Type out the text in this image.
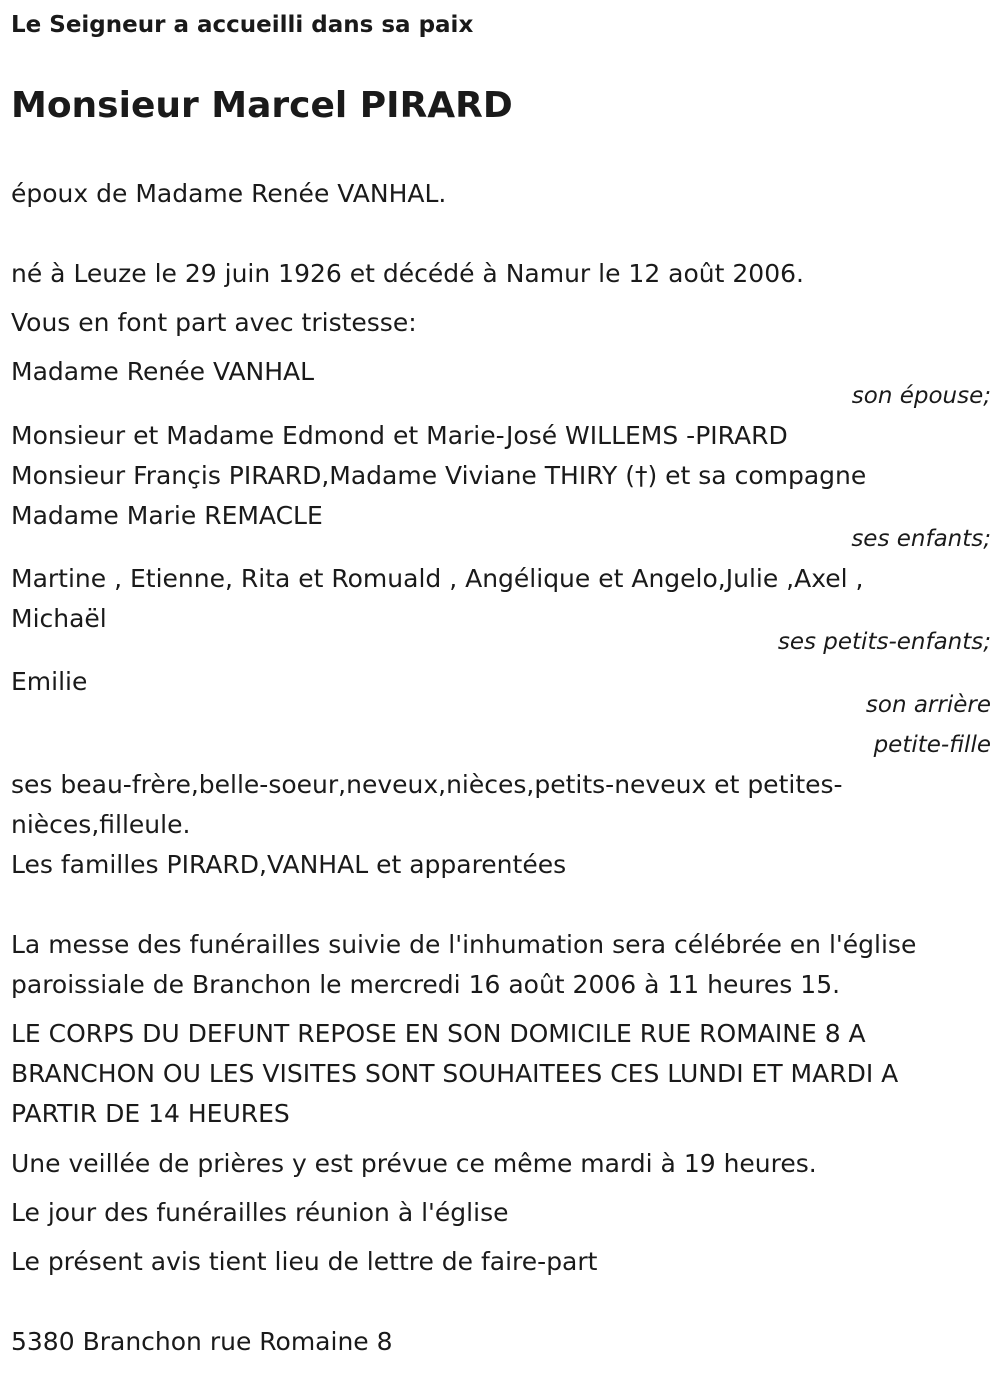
Le Seigneur a accueilli dans sa paix
Monsieur Marcel PIRARD
époux de Madame Renée VANHAL.
né à Leuze le 29 juin 1926 et décédé à Namur le 12 août 2006.
Vous en font part avec tristesse:
Madame Renée VANHAL
son épouse;
Monsieur et Madame Edmond et Marie-José WILLEMS -PIRARD
Monsieur Françis PIRARD,Madame Viviane THIRY (†) et sa compagne
Madame Marie REMACLE
ses enfants;
Martine , Etienne, Rita et Romuald , Angélique et Angelo,Julie ,Axel ,
Michaël
ses petits-enfants;
Emilie
son arrière
petite-fille
ses beau-frère,belle-soeur,neveux,nièces,petits-neveux et petites-
nièces,filleule.
Les familles PIRARD,VANHAL et apparentées
La messe des funérailles suivie de l'inhumation sera célébrée en l'église
paroissiale de Branchon le mercredi 16 août 2006 à 11 heures 15.
LE CORPS DU DEFUNT REPOSE EN SON DOMICILE RUE ROMAINE 8 A
BRANCHON OU LES VISITES SONT SOUHAITEES CES LUNDI ET MARDI A
PARTIR DE 14 HEURES
Une veillée de prières y est prévue ce même mardi à 19 heures.
Le jour des funérailles réunion à l'église
Le présent avis tient lieu de lettre de faire-part
5380 Branchon rue Romaine 8
